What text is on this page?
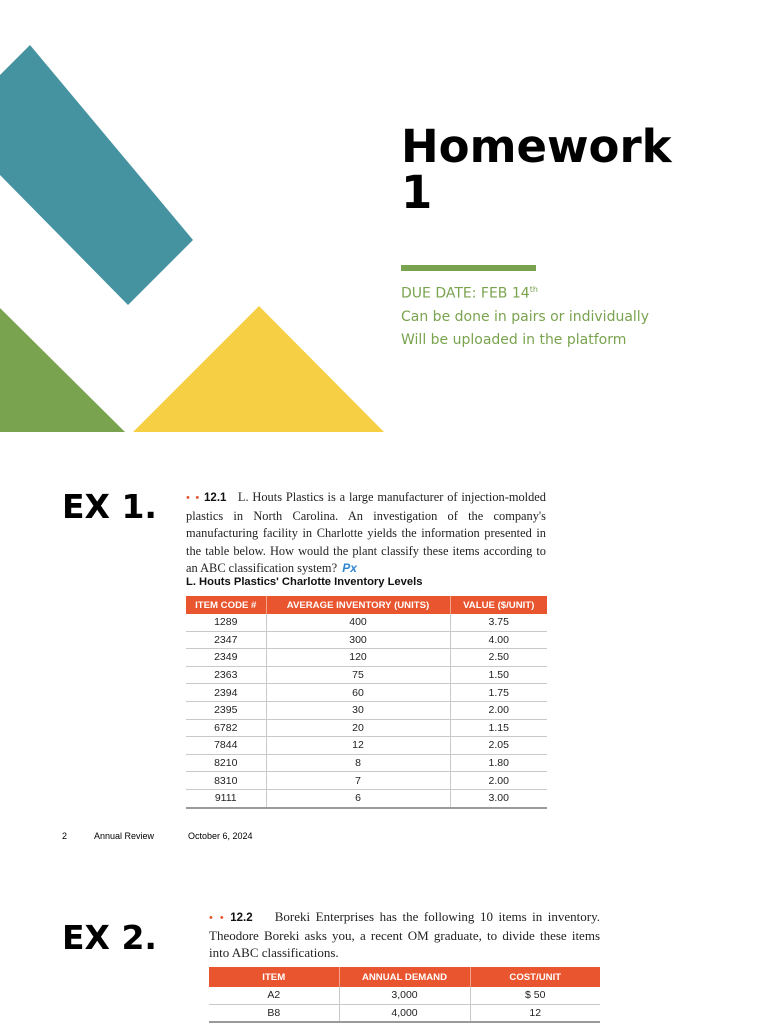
Homework
1
DUE DATE: FEB 14th
Can be done in pairs or individually
Will be uploaded in the platform
EX 1.	• • 12.1 L. Houts Plastics is a large manufacturer of injection-molded plastics in North Carolina. An investigation of the company's manufacturing facility in Charlotte yields the information presented in the table below. How would the plant classify these items according to an ABC classification system? Px

L. Houts Plastics' Charlotte Inventory Levels
ITEM CODE #	AVERAGE INVENTORY (UNITS)	VALUE ($/UNIT)
1289	400	3.75
2347	300	4.00
2349	120	2.50
2363	75	1.50
2394	60	1.75
2395	30	2.00
6782	20	1.15
7844	12	2.05
8210	8	1.80
8310	7	2.00
9111	6	3.00
2	Annual Review	October 6, 2024
EX 2.	• • 12.2 Boreki Enterprises has the following 10 items in inventory. Theodore Boreki asks you, a recent OM graduate, to divide these items into ABC classifications.

ITEM	ANNUAL DEMAND	COST/UNIT
A2	3,000	$ 50
B8	4,000	12
